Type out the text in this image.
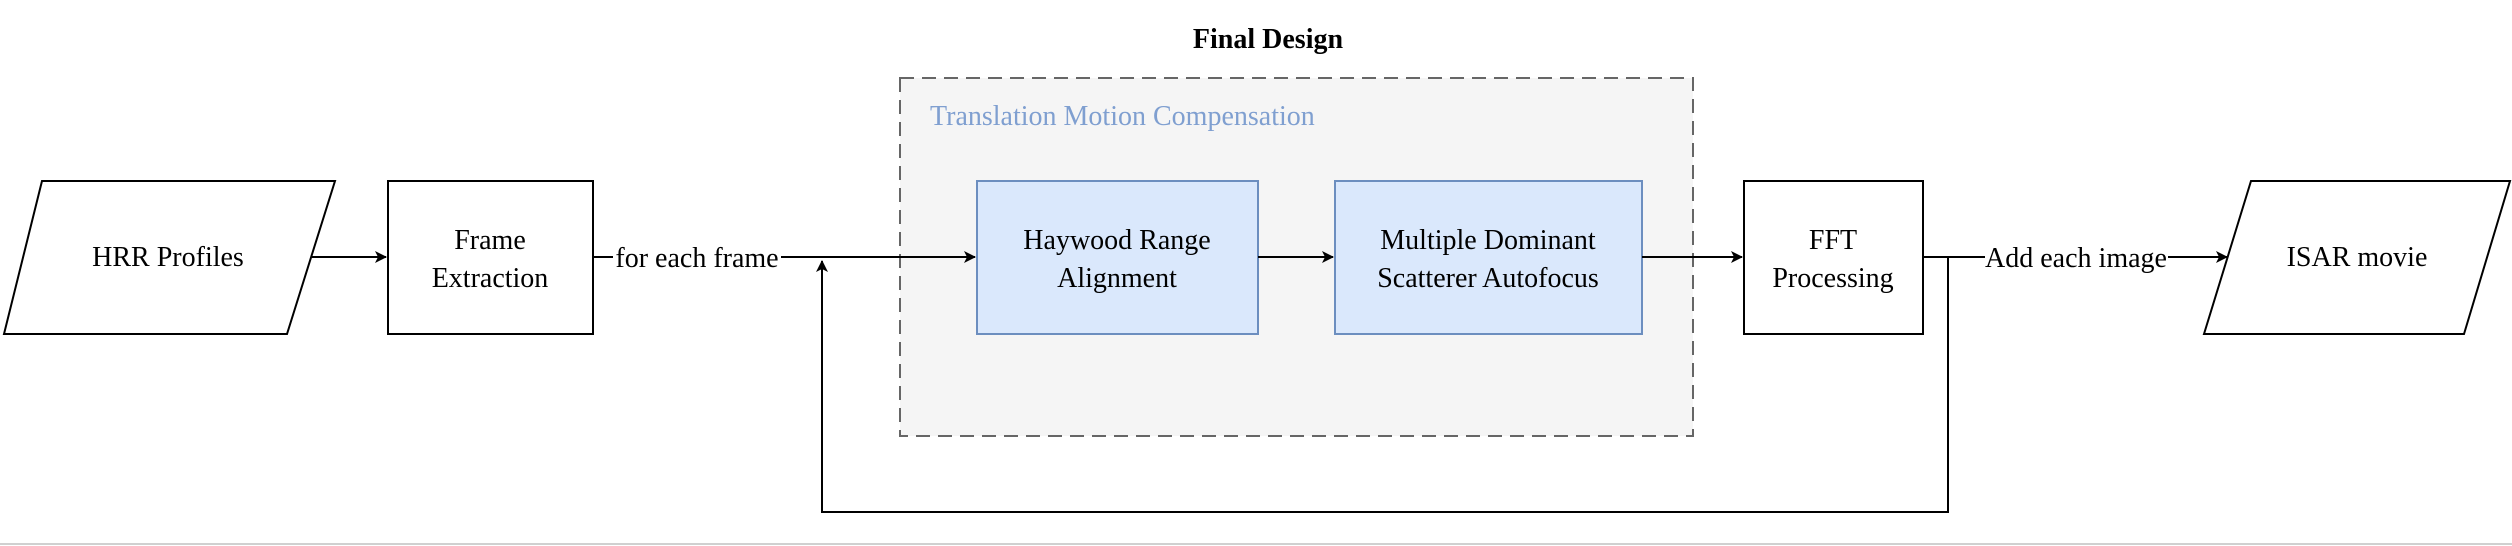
Final Design
Translation Motion Compensation
HRR Profiles
Frame
Extraction
Haywood Range
Alignment
Multiple Dominant
Scatterer Autofocus
FFT
Processing
ISAR movie
for each frame	Add each image
